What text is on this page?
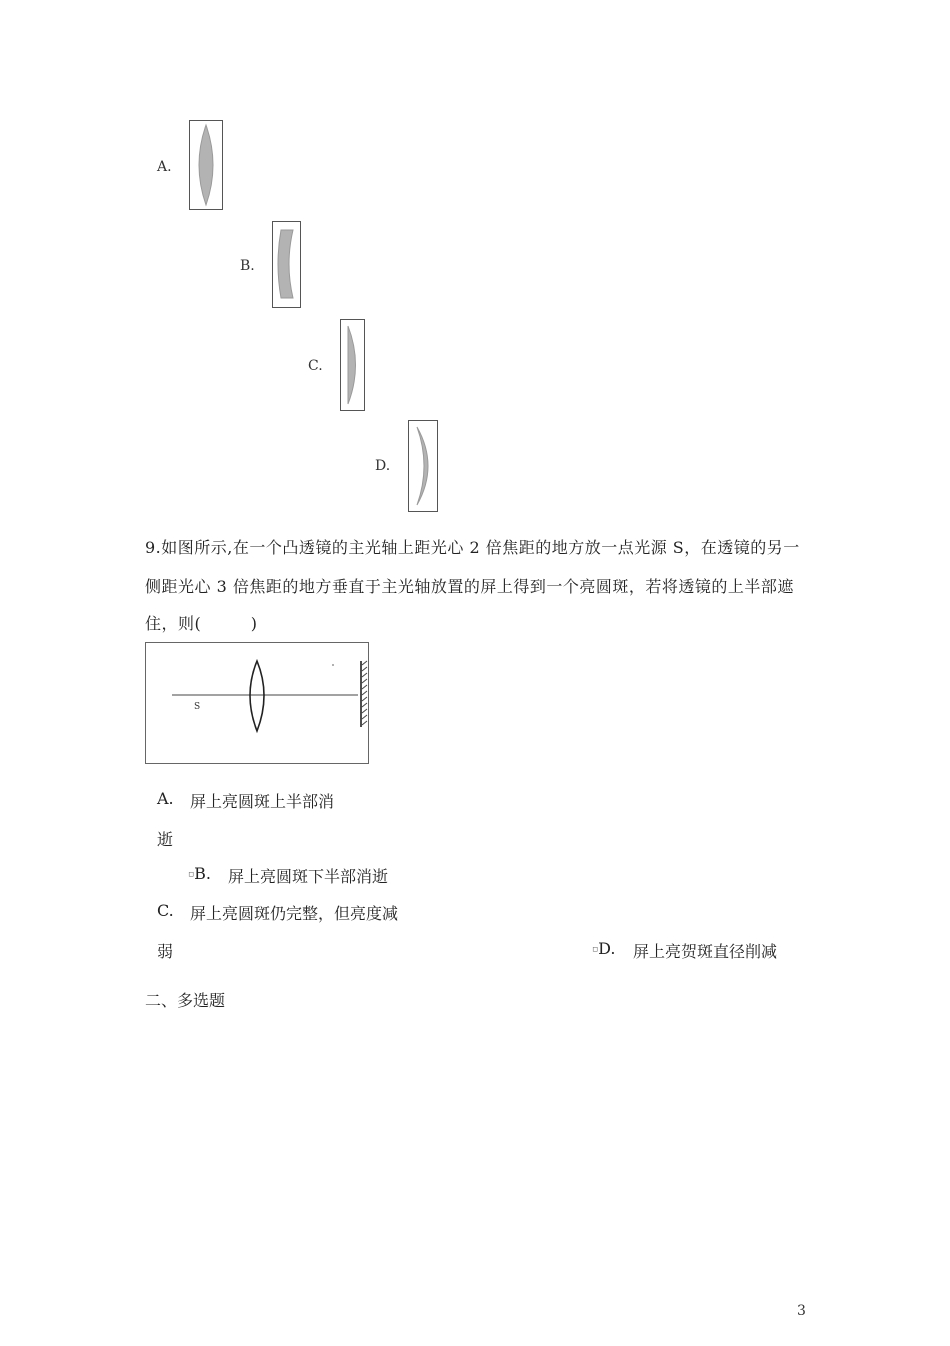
A.
B.
C.
D.
9.如图所示,在一个凸透镜的主光轴上距光心 2 倍焦距的地方放一点光源 S，在透镜的另一
侧距光心 3 倍焦距的地方垂直于主光轴放置的屏上得到一个亮圆斑，若将透镜的上半部遮
住，则(　　　)
S
A. 屏上亮圆斑上半部消
逝
▫B. 屏上亮圆斑下半部消逝
C. 屏上亮圆斑仍完整，但亮度减
弱	▫D. 屏上亮贺斑直径削减
二、多选题
3
